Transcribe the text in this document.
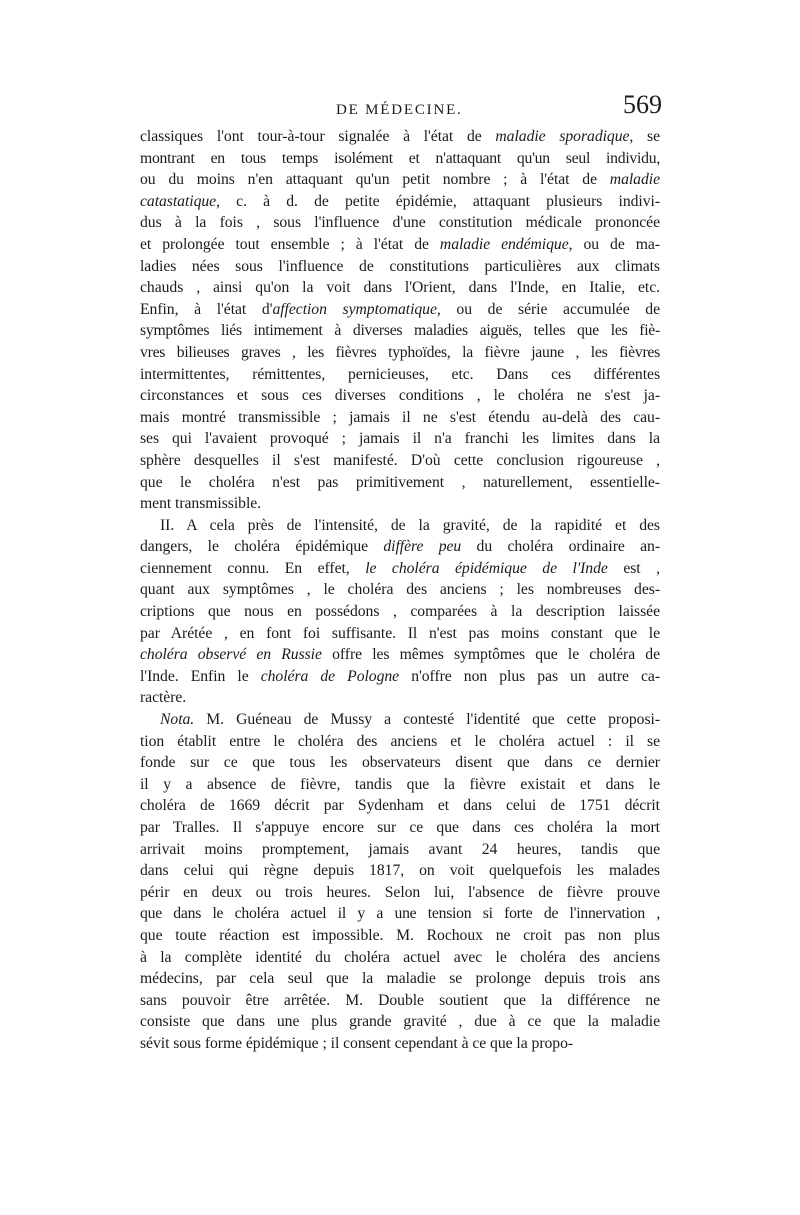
DE MÉDECINE.	569
classiques l'ont tour-à-tour signalée à l'état de maladie sporadique, se
montrant en tous temps isolément et n'attaquant qu'un seul individu,
ou du moins n'en attaquant qu'un petit nombre ; à l'état de maladie
catastatique, c. à d. de petite épidémie, attaquant plusieurs indivi-
dus à la fois , sous l'influence d'une constitution médicale prononcée
et prolongée tout ensemble ; à l'état de maladie endémique, ou de ma-
ladies nées sous l'influence de constitutions particulières aux climats
chauds , ainsi qu'on la voit dans l'Orient, dans l'Inde, en Italie, etc.
Enfin, à l'état d'affection symptomatique, ou de série accumulée de
symptômes liés intimement à diverses maladies aiguës, telles que les fiè-
vres bilieuses graves , les fièvres typhoïdes, la fièvre jaune , les fièvres
intermittentes, rémittentes, pernicieuses, etc. Dans ces différentes
circonstances et sous ces diverses conditions , le choléra ne s'est ja-
mais montré transmissible ; jamais il ne s'est étendu au-delà des cau-
ses qui l'avaient provoqué ; jamais il n'a franchi les limites dans la
sphère desquelles il s'est manifesté. D'où cette conclusion rigoureuse ,
que le choléra n'est pas primitivement , naturellement, essentielle-
ment transmissible.
II. A cela près de l'intensité, de la gravité, de la rapidité et des
dangers, le choléra épidémique diffère peu du choléra ordinaire an-
ciennement connu. En effet, le choléra épidémique de l'Inde est ,
quant aux symptômes , le choléra des anciens ; les nombreuses des-
criptions que nous en possédons , comparées à la description laissée
par Arétée , en font foi suffisante. Il n'est pas moins constant que le
choléra observé en Russie offre les mêmes symptômes que le choléra de
l'Inde. Enfin le choléra de Pologne n'offre non plus pas un autre ca-
ractère.
Nota. M. Guéneau de Mussy a contesté l'identité que cette proposi-
tion établit entre le choléra des anciens et le choléra actuel : il se
fonde sur ce que tous les observateurs disent que dans ce dernier
il y a absence de fièvre, tandis que la fièvre existait et dans le
choléra de 1669 décrit par Sydenham et dans celui de 1751 décrit
par Tralles. Il s'appuye encore sur ce que dans ces choléra la mort
arrivait moins promptement, jamais avant 24 heures, tandis que
dans celui qui règne depuis 1817, on voit quelquefois les malades
périr en deux ou trois heures. Selon lui, l'absence de fièvre prouve
que dans le choléra actuel il y a une tension si forte de l'innervation ,
que toute réaction est impossible. M. Rochoux ne croit pas non plus
à la complète identité du choléra actuel avec le choléra des anciens
médecins, par cela seul que la maladie se prolonge depuis trois ans
sans pouvoir être arrêtée. M. Double soutient que la différence ne
consiste que dans une plus grande gravité , due à ce que la maladie
sévit sous forme épidémique ; il consent cependant à ce que la propo-
